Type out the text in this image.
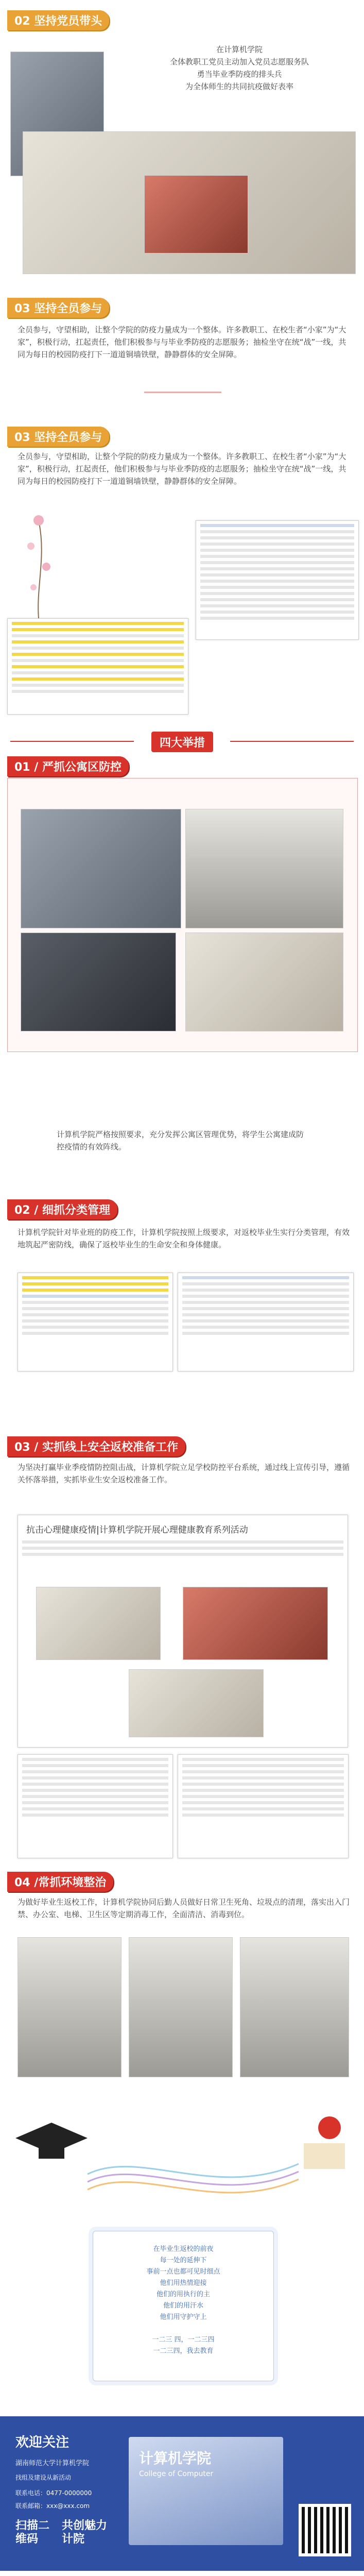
02 坚持党员带头
在计算机学院
全体教职工党员主动加入党员志愿服务队
勇当毕业季防疫的排头兵
为全体师生的共同抗疫做好表率
03 坚持全员参与
全员参与，守望相助，让整个学院的防疫力量成为一个整体。许多教职工、在校生者“小家”为“大家”，积极行动，扛起责任，他们积极参与与毕业季防疫的志愿服务；抽检坐守在统“战”一线，共同为每日的校园防疫打下一道道铜墙铁壁，静静群体的安全屏障。
03 坚持全员参与
全员参与，守望相助，让整个学院的防疫力量成为一个整体。许多教职工、在校生者“小家”为“大家”，积极行动，扛起责任，他们积极参与与毕业季防疫的志愿服务；抽检坐守在统“战”一线，共同为每日的校园防疫打下一道道铜墙铁壁，静静群体的安全屏障。
四大举措
01 / 严抓公寓区防控
计算机学院严格按照要求，充分发挥公寓区管理优势，将学生公寓建成防控疫情的有效阵线。
02 / 细抓分类管理
计算机学院针对毕业班的防疫工作，计算机学院按照上级要求，对返校毕业生实行分类管理，有效地筑起严密防线，确保了返校毕业生的生命安全和身体健康。
03 / 实抓线上安全返校准备工作
为坚决打赢毕业季疫情防控阻击战，计算机学院立足学校防控平台系统，通过线上宣传引导，遵循关怀落举措，实抓毕业生安全返校准备工作。
抗击心理健康疫情|计算机学院开展心理健康教育系列活动
04 /常抓环境整治
为做好毕业生返校工作，计算机学院协同后勤人员做好日常卫生死角、垃圾点的清理，落实出入门禁、办公室、电梯、卫生区等定期消毒工作，全面清洁、消毒到位。
在毕业生返校的前夜
每一处的延伸下
事前一点也都可见时细点
他们用热情迎接
他们的用执行的主
他们的用汗水
他们用守护守上
一二三 四，一二三四
一二三四，我去教育
欢迎关注
湖南师范大学计算机学院
找组及建设从新活动
联系电话：0477-0000000
联系邮箱：xxx@xxx.com
扫描二维码
共创魅力计院
计算机学院
College of Computer
